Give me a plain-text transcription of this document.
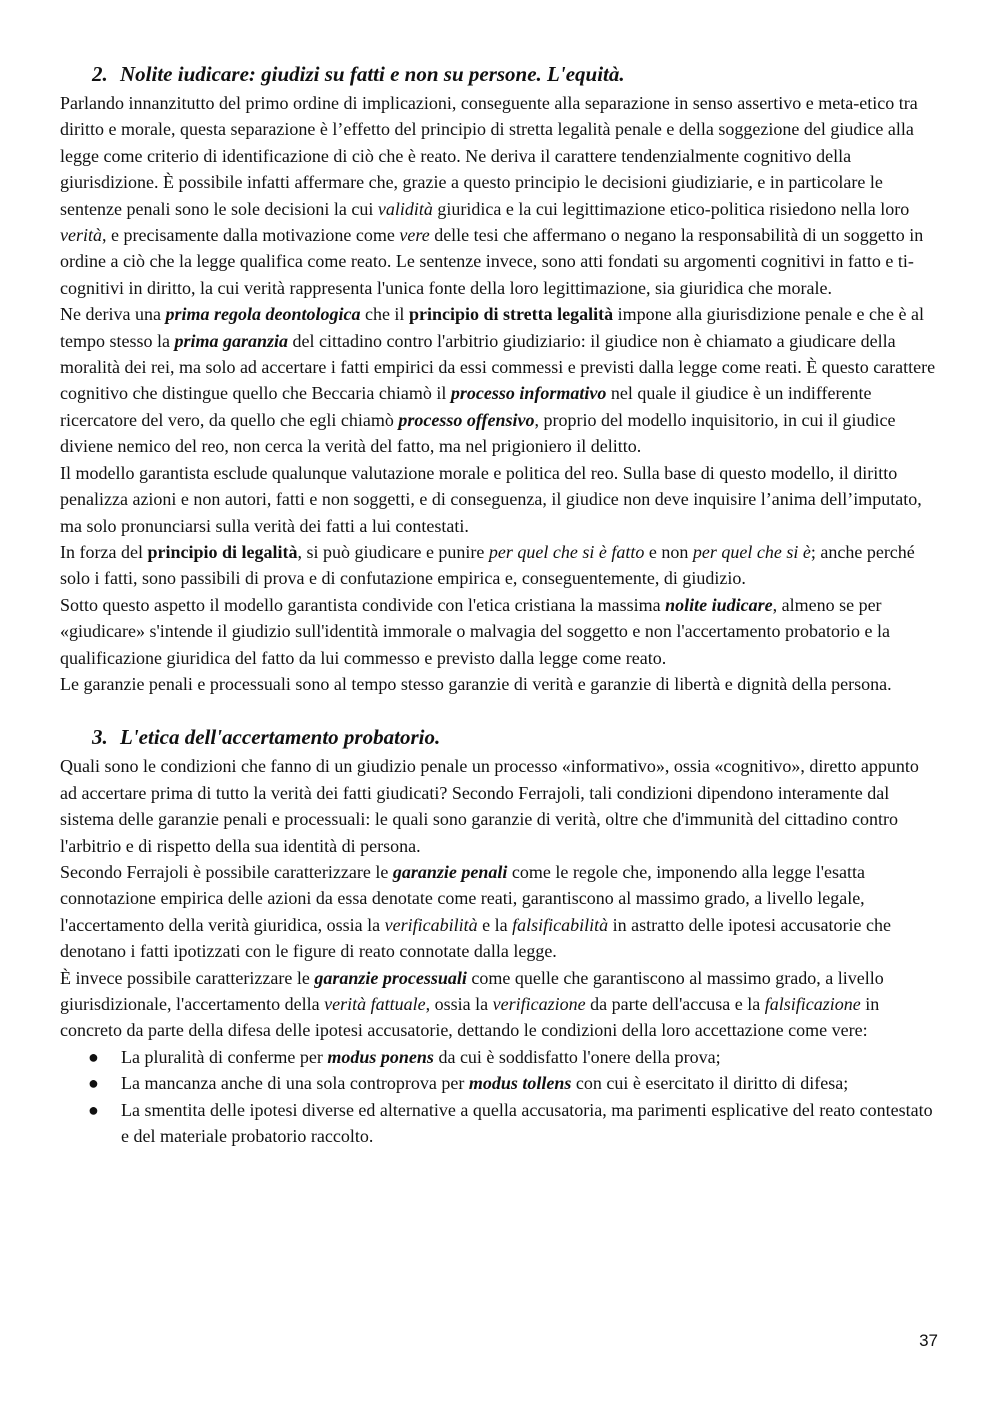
2. Nolite iudicare: giudizi su fatti e non su persone. L'equità.

Parlando innanzitutto del primo ordine di implicazioni, conseguente alla separazione in senso assertivo e meta-etico tra diritto e morale, questa separazione è l’effetto del principio di stretta legalità penale e della soggezione del giudice alla legge come criterio di identificazione di ciò che è reato. Ne deriva il carattere tendenzialmente cognitivo della giurisdizione. È possibile infatti affermare che, grazie a questo principio le decisioni giudiziarie, e in particolare le sentenze penali sono le sole decisioni la cui validità giuridica e la cui legittimazione etico-politica risiedono nella loro verità, e precisamente dalla motivazione come vere delle tesi che affermano o negano la responsabilità di un soggetto in ordine a ciò che la legge qualifica come reato. Le sentenze invece, sono atti fondati su argomenti cognitivi in fatto e ti-cognitivi in diritto, la cui verità rappresenta l'unica fonte della loro legittimazione, sia giuridica che morale.

Ne deriva una prima regola deontologica che il principio di stretta legalità impone alla giurisdizione penale e che è al tempo stesso la prima garanzia del cittadino contro l'arbitrio giudiziario: il giudice non è chiamato a giudicare della moralità dei rei, ma solo ad accertare i fatti empirici da essi commessi e previsti dalla legge come reati. È questo carattere cognitivo che distingue quello che Beccaria chiamò il processo informativo nel quale il giudice è un indifferente ricercatore del vero, da quello che egli chiamò processo offensivo, proprio del modello inquisitorio, in cui il giudice diviene nemico del reo, non cerca la verità del fatto, ma nel prigioniero il delitto.

Il modello garantista esclude qualunque valutazione morale e politica del reo. Sulla base di questo modello, il diritto penalizza azioni e non autori, fatti e non soggetti, e di conseguenza, il giudice non deve inquisire l’anima dell’imputato, ma solo pronunciarsi sulla verità dei fatti a lui contestati.

In forza del principio di legalità, si può giudicare e punire per quel che si è fatto e non per quel che si è; anche perché solo i fatti, sono passibili di prova e di confutazione empirica e, conseguentemente, di giudizio.

Sotto questo aspetto il modello garantista condivide con l'etica cristiana la massima nolite iudicare, almeno se per «giudicare» s'intende il giudizio sull'identità immorale o malvagia del soggetto e non l'accertamento probatorio e la qualificazione giuridica del fatto da lui commesso e previsto dalla legge come reato.

Le garanzie penali e processuali sono al tempo stesso garanzie di verità e garanzie di libertà e dignità della persona.

3. L'etica dell'accertamento probatorio.

Quali sono le condizioni che fanno di un giudizio penale un processo «informativo», ossia «cognitivo», diretto appunto ad accertare prima di tutto la verità dei fatti giudicati? Secondo Ferrajoli, tali condizioni dipendono interamente dal sistema delle garanzie penali e processuali: le quali sono garanzie di verità, oltre che d'immunità del cittadino contro l'arbitrio e di rispetto della sua identità di persona.

Secondo Ferrajoli è possibile caratterizzare le garanzie penali come le regole che, imponendo alla legge l'esatta connotazione empirica delle azioni da essa denotate come reati, garantiscono al massimo grado, a livello legale, l'accertamento della verità giuridica, ossia la verificabilità e la falsificabilità in astratto delle ipotesi accusatorie che denotano i fatti ipotizzati con le figure di reato connotate dalla legge.

È invece possibile caratterizzare le garanzie processuali come quelle che garantiscono al massimo grado, a livello giurisdizionale, l'accertamento della verità fattuale, ossia la verificazione da parte dell'accusa e la falsificazione in concreto da parte della difesa delle ipotesi accusatorie, dettando le condizioni della loro accettazione come vere:

● La pluralità di conferme per modus ponens da cui è soddisfatto l'onere della prova;
● La mancanza anche di una sola controprova per modus tollens con cui è esercitato il diritto di difesa;
● La smentita delle ipotesi diverse ed alternative a quella accusatoria, ma parimenti esplicative del reato contestato e del materiale probatorio raccolto.
37
